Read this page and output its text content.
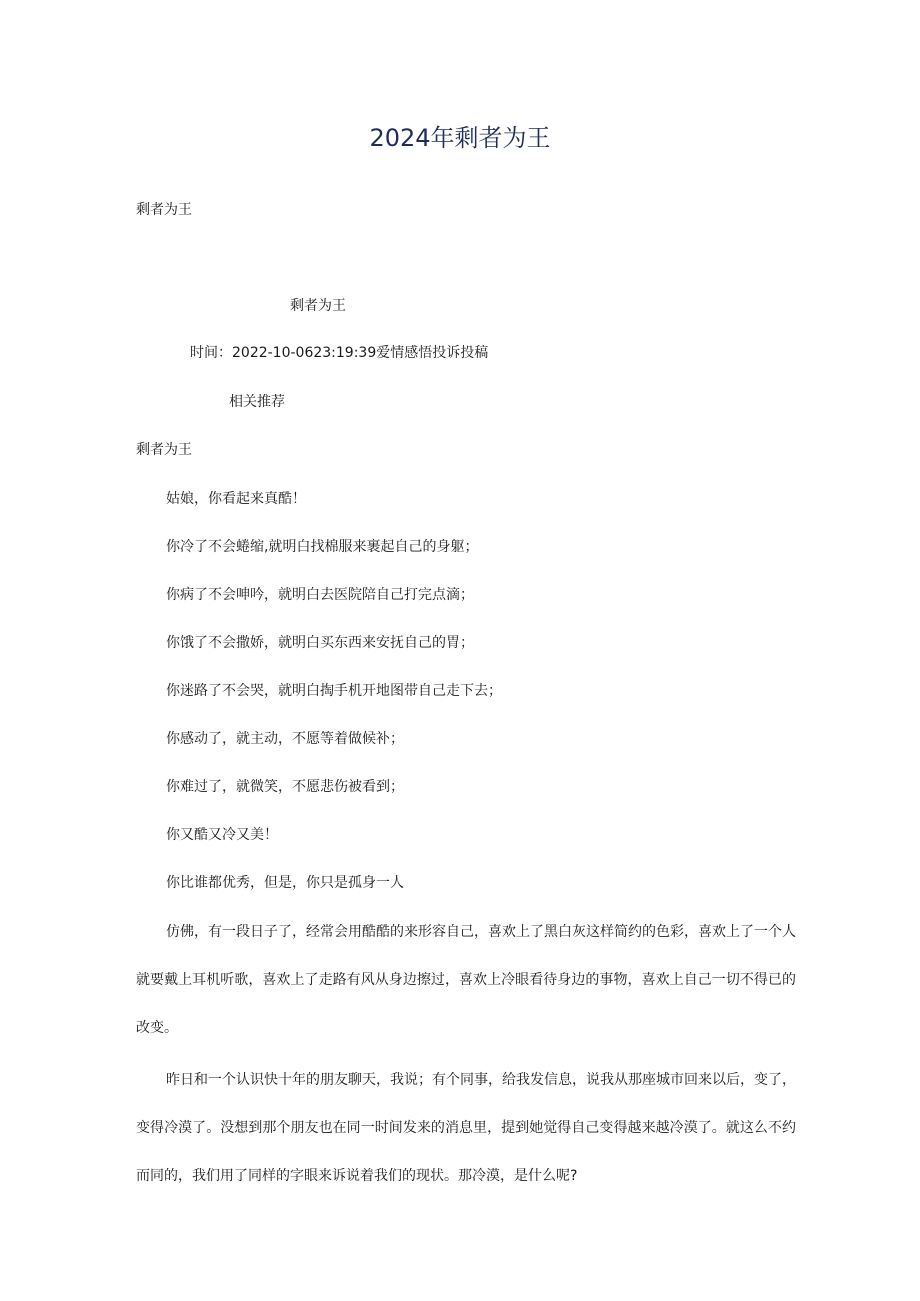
2024年剩者为王
剩者为王
剩者为王
时间：2022-10-0623:19:39爱情感悟投诉投稿
相关推荐
剩者为王
姑娘，你看起来真酷！
你冷了不会蜷缩,就明白找棉服来裹起自己的身躯；
你病了不会呻吟，就明白去医院陪自己打完点滴；
你饿了不会撒娇，就明白买东西来安抚自己的胃；
你迷路了不会哭，就明白掏手机开地图带自己走下去；
你感动了，就主动，不愿等着做候补；
你难过了，就微笑，不愿悲伤被看到；
你又酷又冷又美！
你比谁都优秀，但是，你只是孤身一人
仿佛，有一段日子了，经常会用酷酷的来形容自己，喜欢上了黑白灰这样简约的色彩，喜欢上了一个人就要戴上耳机听歌，喜欢上了走路有风从身边擦过，喜欢上冷眼看待身边的事物，喜欢上自己一切不得已的改变。
昨日和一个认识快十年的朋友聊天，我说；有个同事，给我发信息，说我从那座城市回来以后，变了，变得冷漠了。没想到那个朋友也在同一时间发来的消息里，提到她觉得自己变得越来越冷漠了。就这么不约而同的，我们用了同样的字眼来诉说着我们的现状。那冷漠，是什么呢?
